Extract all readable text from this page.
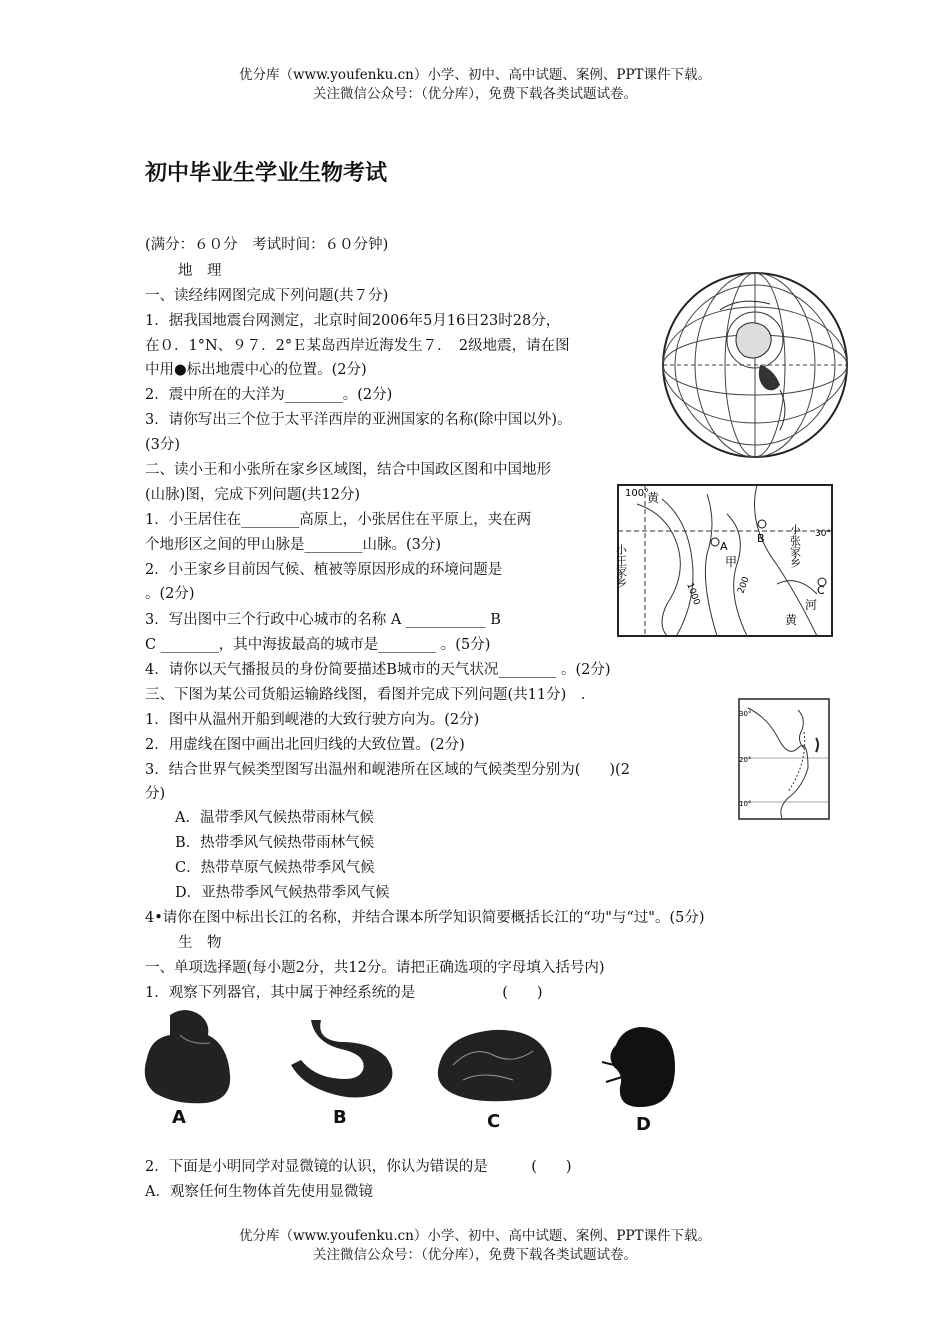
优分库（www.youfenku.cn）小学、初中、高中试题、案例、PPT课件下载。
关注微信公众号：（优分库），免费下载各类试题试卷。
初中毕业生学业生物考试
(满分：６０分　考试时间：６０分钟)
地　理
一、读经纬网图完成下列问题(共７分)
1．据我国地震台网测定，北京时间2006年5月16日23时28分，
在０．1°N、９７．2°Ｅ某岛西岸近海发生７．　2级地震，请在图
中用●标出地震中心的位置。(2分)
2．震中所在的大洋为________。(2分)
3．请你写出三个位于太平洋西岸的亚洲国家的名称(除中国以外)。
(3分)
二、读小王和小张所在家乡区域图，结合中国政区图和中国地形
(山脉)图，完成下列问题(共12分)
1．小王居住在________高原上，小张居住在平原上，夹在两
个地形区之间的甲山脉是________山脉。(3分)
2．小王家乡目前因气候、植被等原因形成的环境问题是
。(2分)
3．写出图中三个行政中心城市的名称 A ___________ B
C ________，其中海拔最高的城市是________ 。(5分)
4．请你以天气播报员的身份简要描述B城市的天气状况________ 。(2分)
100°
黄
30°
A
B
C
甲
河
黄
1000	200
小王家乡	小张家乡
三、下图为某公司货船运输路线图，看图并完成下列问题(共11分)　.
1．图中从温州开船到岘港的大致行驶方向为。(2分)
2．用虚线在图中画出北回归线的大致位置。(2分)
3．结合世界气候类型图写出温州和岘港所在区域的气候类型分别为(　　)(2
分)
A．温带季风气候热带雨林气候
B．热带季风气候热带雨林气候
C．热带草原气候热带季风气候
D．亚热带季风气候热带季风气候
4•请你在图中标出长江的名称，并结合课本所学知识简要概括长江的“功"与“过"。(5分)
30°
20°
10°
生　物
一、单项选择题(每小题2分，共12分。请把正确选项的字母填入括号内)
1．观察下列器官，其中属于神经系统的是　　　　　　(　　)
A	B	C	D
2．下面是小明同学对显微镜的认识，你认为错误的是　　　(　　)
A．观察任何生物体首先使用显微镜
优分库（www.youfenku.cn）小学、初中、高中试题、案例、PPT课件下载。
关注微信公众号：（优分库），免费下载各类试题试卷。
